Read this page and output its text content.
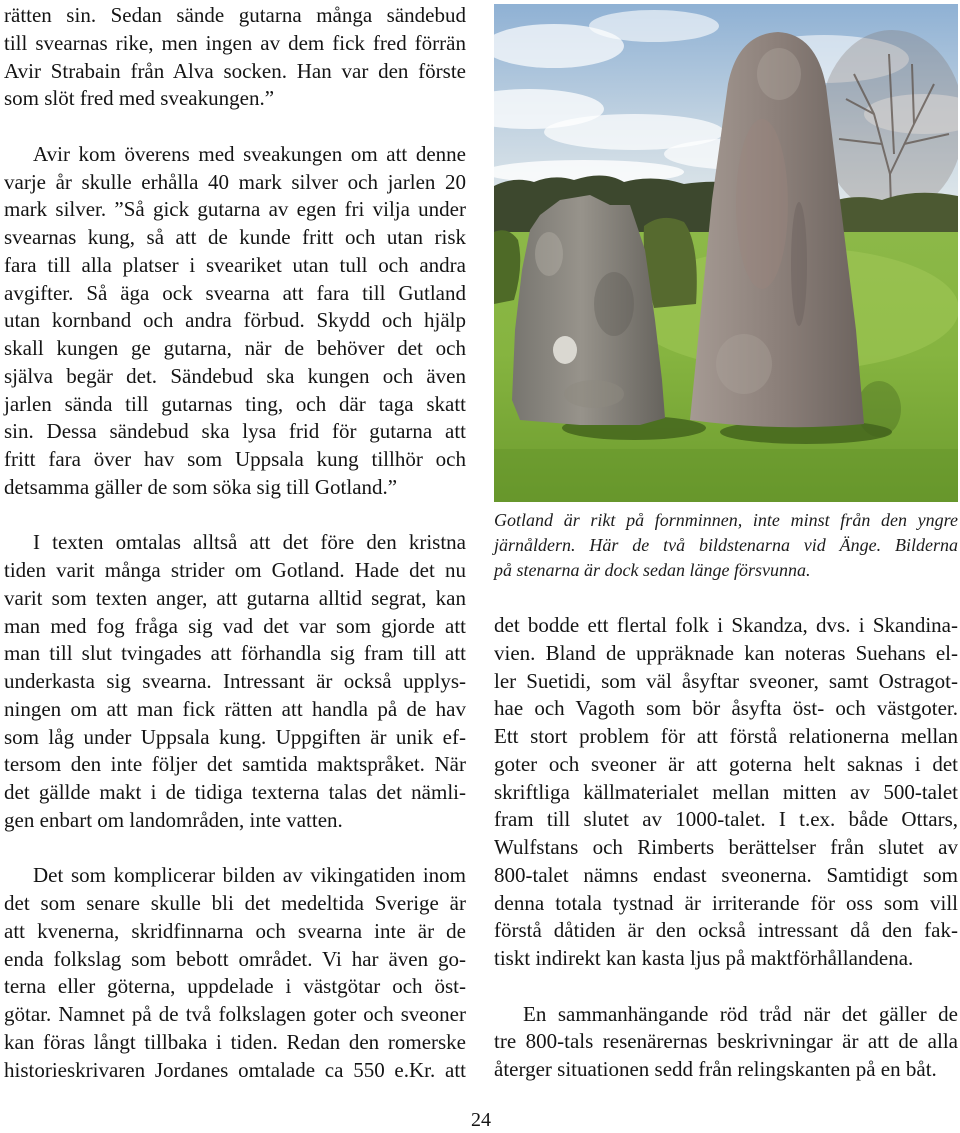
rätten sin. Sedan sände gutarna många sändebud
till svearnas rike, men ingen av dem fick fred förrän
Avir Strabain från Alva socken. Han var den förste
som slöt fred med sveakungen.”
Avir kom överens med sveakungen om att denne
varje år skulle erhålla 40 mark silver och jarlen 20
mark silver. ”Så gick gutarna av egen fri vilja under
svearnas kung, så att de kunde fritt och utan risk
fara till alla platser i sveariket utan tull och andra
avgifter. Så äga ock svearna att fara till Gutland
utan kornband och andra förbud. Skydd och hjälp
skall kungen ge gutarna, när de behöver det och
själva begär det. Sändebud ska kungen och även
jarlen sända till gutarnas ting, och där taga skatt
sin. Dessa sändebud ska lysa frid för gutarna att
fritt fara över hav som Uppsala kung tillhör och
detsamma gäller de som söka sig till Gotland.”
I texten omtalas alltså att det före den kristna
tiden varit många strider om Gotland. Hade det nu
varit som texten anger, att gutarna alltid segrat, kan
man med fog fråga sig vad det var som gjorde att
man till slut tvingades att förhandla sig fram till att
underkasta sig svearna. Intressant är också upplys-
ningen om att man fick rätten att handla på de hav
som låg under Uppsala kung. Uppgiften är unik ef-
tersom den inte följer det samtida maktspråket. När
det gällde makt i de tidiga texterna talas det nämli-
gen enbart om landområden, inte vatten.
Det som komplicerar bilden av vikingatiden inom
det som senare skulle bli det medeltida Sverige är
att kvenerna, skridfinnarna och svearna inte är de
enda folkslag som bebott området. Vi har även go-
terna eller göterna, uppdelade i västgötar och öst-
götar. Namnet på de två folkslagen goter och sveoner
kan föras långt tillbaka i tiden. Redan den romerske
historieskrivaren Jordanes omtalade ca 550 e.Kr. att
Gotland är rikt på fornminnen, inte minst från den yngre
järnåldern. Här de två bildstenarna vid Änge. Bilderna
på stenarna är dock sedan länge försvunna.
det bodde ett flertal folk i Skandza, dvs. i Skandina-
vien. Bland de uppräknade kan noteras Suehans el-
ler Suetidi, som väl åsyftar sveoner, samt Ostragot-
hae och Vagoth som bör åsyfta öst- och västgoter.
Ett stort problem för att förstå relationerna mellan
goter och sveoner är att goterna helt saknas i det
skriftliga källmaterialet mellan mitten av 500-talet
fram till slutet av 1000-talet. I t.ex. både Ottars,
Wulfstans och Rimberts berättelser från slutet av
800-talet nämns endast sveonerna. Samtidigt som
denna totala tystnad är irriterande för oss som vill
förstå dåtiden är den också intressant då den fak-
tiskt indirekt kan kasta ljus på maktförhållandena.
En sammanhängande röd tråd när det gäller de
tre 800-tals resenärernas beskrivningar är att de alla
återger situationen sedd från relingskanten på en båt.
24
